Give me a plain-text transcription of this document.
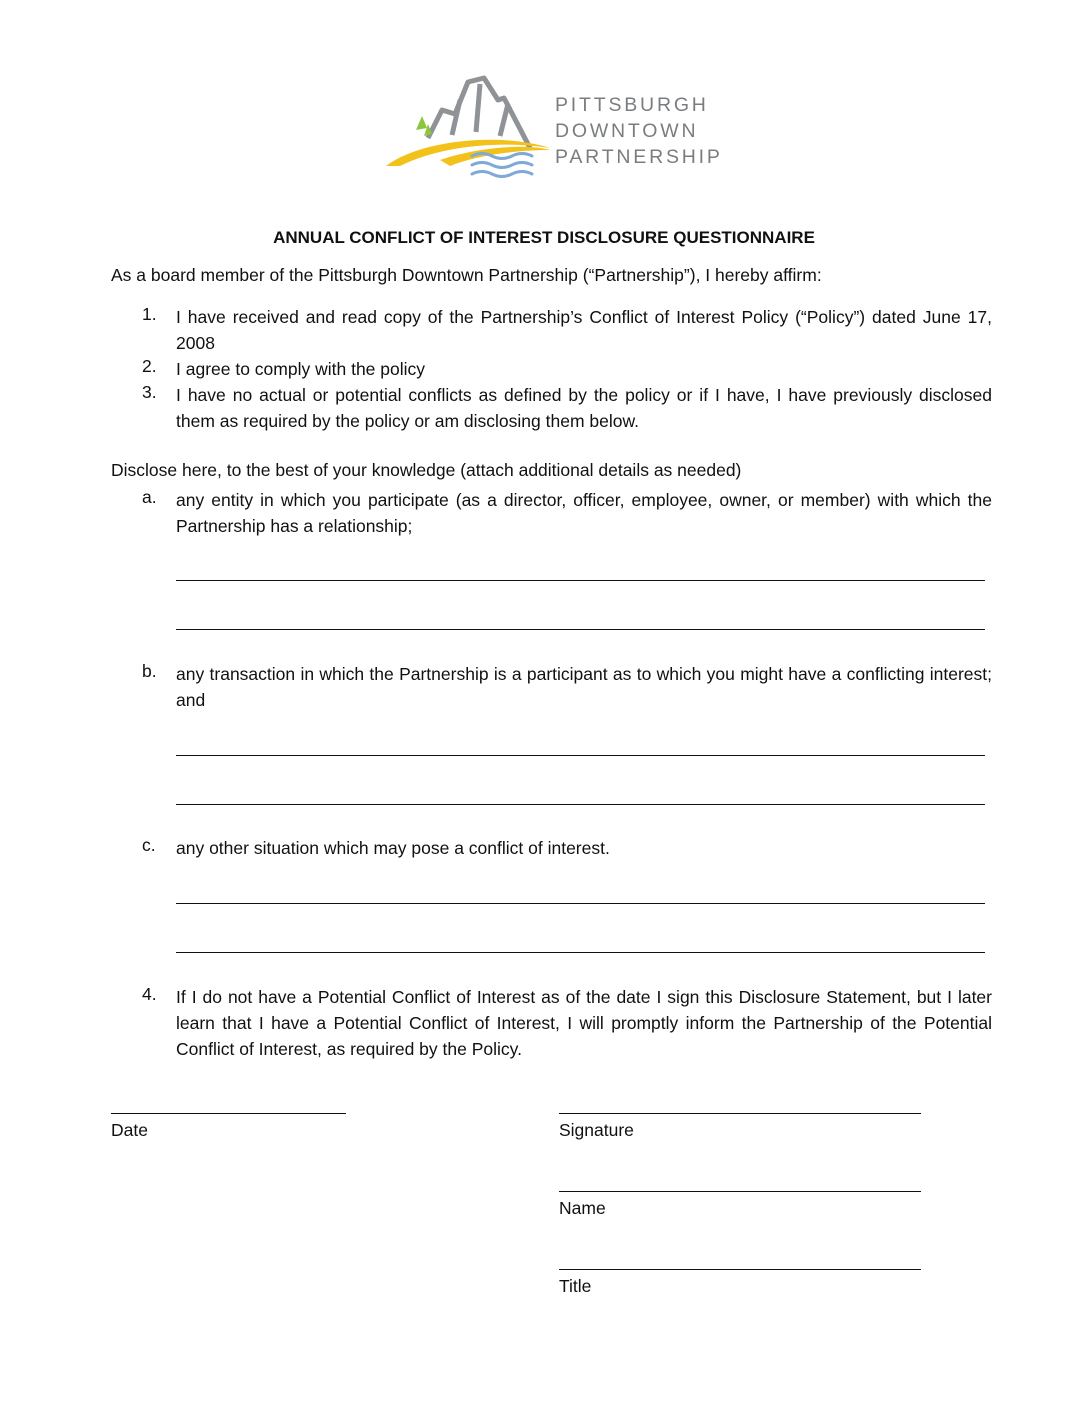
PITTSBURGH
DOWNTOWN
PARTNERSHIP
ANNUAL CONFLICT OF INTEREST DISCLOSURE QUESTIONNAIRE
As a board member of the Pittsburgh Downtown Partnership (“Partnership”), I hereby affirm:
1. I have received and read copy of the Partnership’s Conflict of Interest Policy (“Policy”) dated June 17, 2008
2. I agree to comply with the policy
3. I have no actual or potential conflicts as defined by the policy or if I have, I have previously disclosed them as required by the policy or am disclosing them below.
Disclose here, to the best of your knowledge (attach additional details as needed)
a. any entity in which you participate (as a director, officer, employee, owner, or member) with which the Partnership has a relationship;
b. any transaction in which the Partnership is a participant as to which you might have a conflicting interest; and
c. any other situation which may pose a conflict of interest.
4. If I do not have a Potential Conflict of Interest as of the date I sign this Disclosure Statement, but I later learn that I have a Potential Conflict of Interest, I will promptly inform the Partnership of the Potential Conflict of Interest, as required by the Policy.
Date	Signature
Name
Title
